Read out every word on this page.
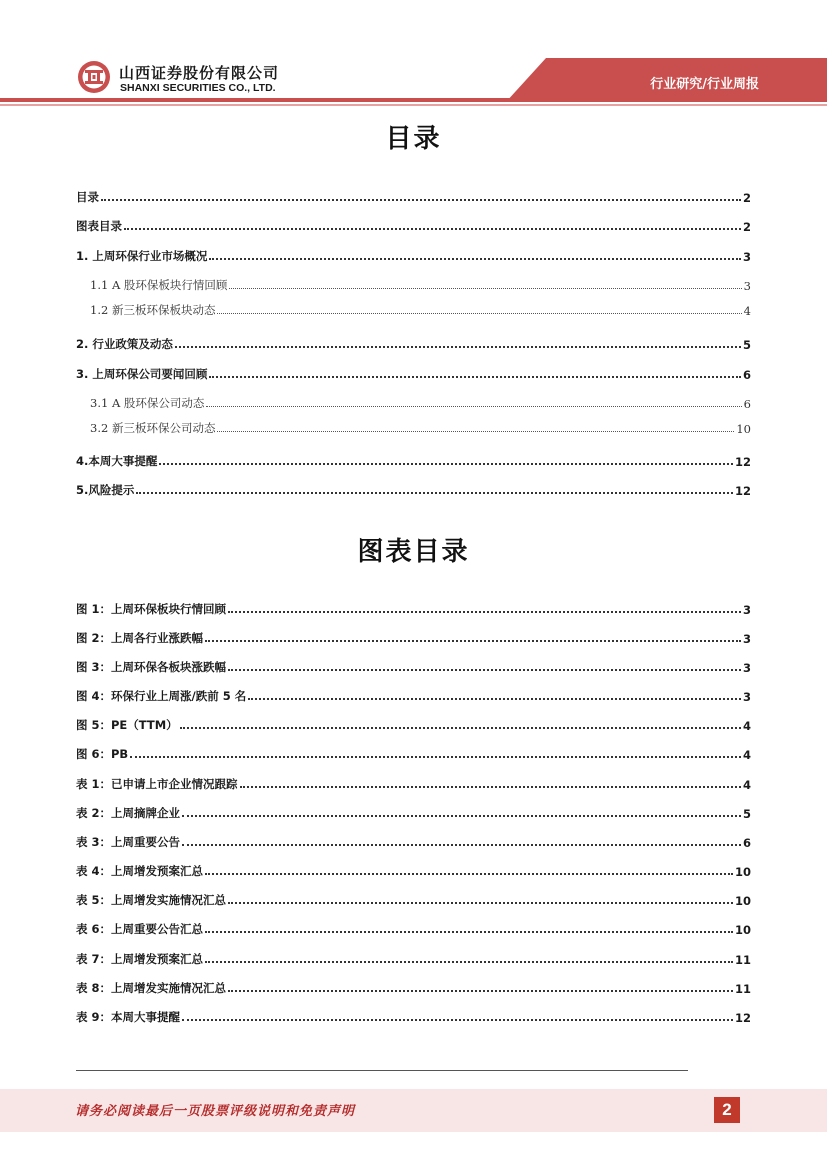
山西证券股份有限公司
SHANXI SECURITIES CO., LTD.	行业研究/行业周报
目录
目录	2
图表目录	2
1. 上周环保行业市场概况	3
1.1 A 股环保板块行情回顾	3
1.2 新三板环保板块动态	4
2. 行业政策及动态	5
3. 上周环保公司要闻回顾	6
3.1 A 股环保公司动态	6
3.2 新三板环保公司动态	10
4.本周大事提醒	12
5.风险提示	12
图表目录
图 1：上周环保板块行情回顾	3
图 2：上周各行业涨跌幅	3
图 3：上周环保各板块涨跌幅	3
图 4：环保行业上周涨/跌前 5 名	3
图 5：PE（TTM）	4
图 6：PB	4
表 1：已申请上市企业情况跟踪	4
表 2：上周摘牌企业	5
表 3：上周重要公告	6
表 4：上周增发预案汇总	10
表 5：上周增发实施情况汇总	10
表 6：上周重要公告汇总	10
表 7：上周增发预案汇总	11
表 8：上周增发实施情况汇总	11
表 9：本周大事提醒	12
请务必阅读最后一页股票评级说明和免责声明	2
